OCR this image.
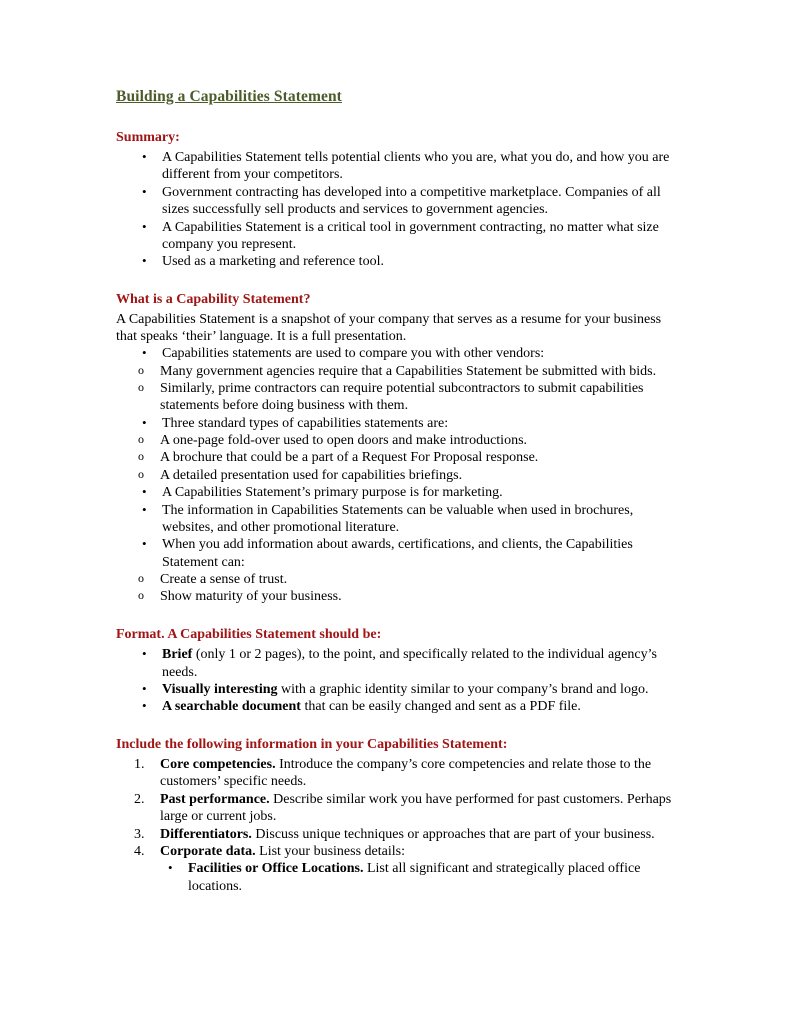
Building a Capabilities Statement
Summary:
• A Capabilities Statement tells potential clients who you are, what you do, and how you are different from your competitors.
• Government contracting has developed into a competitive marketplace. Companies of all sizes successfully sell products and services to government agencies.
• A Capabilities Statement is a critical tool in government contracting, no matter what size company you represent.
• Used as a marketing and reference tool.
What is a Capability Statement?

A Capabilities Statement is a snapshot of your company that serves as a resume for your business that speaks ‘their’ language. It is a full presentation.

• Capabilities statements are used to compare you with other vendors:
o Many government agencies require that a Capabilities Statement be submitted with bids.
o Similarly, prime contractors can require potential subcontractors to submit capabilities statements before doing business with them.
• Three standard types of capabilities statements are:
o A one-page fold-over used to open doors and make introductions.
o A brochure that could be a part of a Request For Proposal response.
o A detailed presentation used for capabilities briefings.
• A Capabilities Statement’s primary purpose is for marketing.
• The information in Capabilities Statements can be valuable when used in brochures, websites, and other promotional literature.
• When you add information about awards, certifications, and clients, the Capabilities Statement can:
o Create a sense of trust.
o Show maturity of your business.
Format. A Capabilities Statement should be:
• Brief (only 1 or 2 pages), to the point, and specifically related to the individual agency’s needs.
• Visually interesting with a graphic identity similar to your company’s brand and logo.
• A searchable document that can be easily changed and sent as a PDF file.
Include the following information in your Capabilities Statement:
1. Core competencies. Introduce the company’s core competencies and relate those to the customers’ specific needs.
2. Past performance. Describe similar work you have performed for past customers. Perhaps large or current jobs.
3. Differentiators. Discuss unique techniques or approaches that are part of your business.
4. Corporate data. List your business details:
• Facilities or Office Locations. List all significant and strategically placed office locations.
